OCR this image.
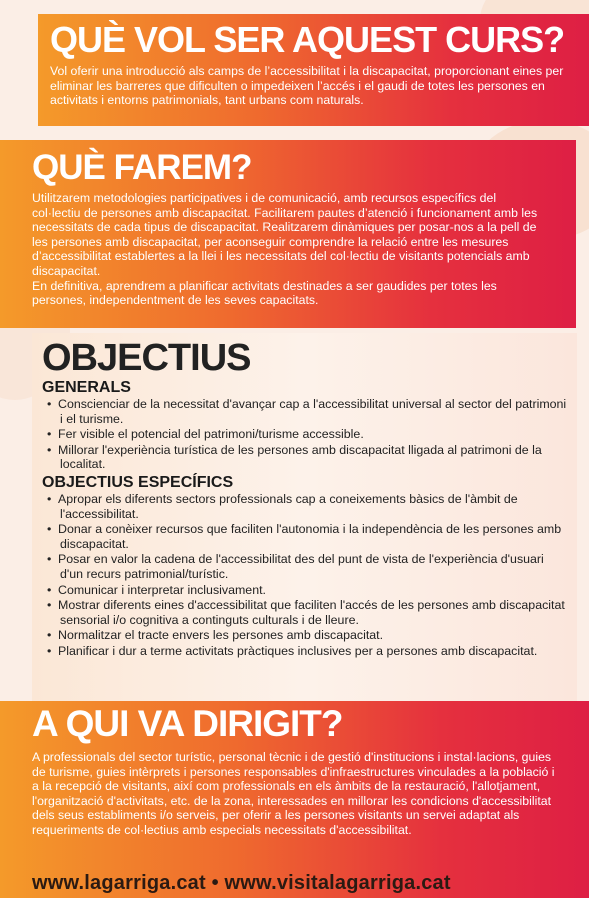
QUÈ VOL SER AQUEST CURS?

Vol oferir una introducció als camps de l’accessibilitat i la discapacitat, proporcionant eines per eliminar les barreres que dificulten o impedeixen l’accés i el gaudi de totes les persones en activitats i entorns patrimonials, tant urbans com naturals.

QUÈ FAREM?

Utilitzarem metodologies participatives i de comunicació, amb recursos específics del col·lectiu de persones amb discapacitat. Facilitarem pautes d’atenció i funcionament amb les necessitats de cada tipus de discapacitat. Realitzarem dinàmiques per posar-nos a la pell de les persones amb discapacitat, per aconseguir comprendre la relació entre les mesures d’accessibilitat establertes a la llei i les necessitats del col·lectiu de visitants potencials amb discapacitat.

En definitiva, aprendrem a planificar activitats destinades a ser gaudides per totes les persones, independentment de les seves capacitats.

OBJECTIUS
GENERALS
• Conscienciar de la necessitat d'avançar cap a l'accessibilitat universal al sector del patrimoni i el turisme.
• Fer visible el potencial del patrimoni/turisme accessible.
• Millorar l'experiència turística de les persones amb discapacitat lligada al patrimoni de la localitat.
OBJECTIUS ESPECÍFICS
• Apropar els diferents sectors professionals cap a coneixements bàsics de l'àmbit de l'accessibilitat.
• Donar a conèixer recursos que faciliten l'autonomia i la independència de les persones amb discapacitat.
• Posar en valor la cadena de l'accessibilitat des del punt de vista de l'experiència d'usuari d'un recurs patrimonial/turístic.
• Comunicar i interpretar inclusivament.
• Mostrar diferents eines d'accessibilitat que faciliten l'accés de les persones amb discapacitat sensorial i/o cognitiva a continguts culturals i de lleure.
• Normalitzar el tracte envers les persones amb discapacitat.
• Planificar i dur a terme activitats pràctiques inclusives per a persones amb discapacitat.
A QUI VA DIRIGIT?

A professionals del sector turístic, personal tècnic i de gestió d'institucions i instal·lacions, guies de turisme, guies intèrprets i persones responsables d'infraestructures vinculades a la població i a la recepció de visitants, així com professionals en els àmbits de la restauració, l'allotjament, l'organització d'activitats, etc. de la zona, interessades en millorar les condicions d'accessibilitat dels seus establiments i/o serveis, per oferir a les persones visitants un servei adaptat als requeriments de col·lectius amb especials necessitats d'accessibilitat.

www.lagarriga.cat • www.visitalagarriga.cat
